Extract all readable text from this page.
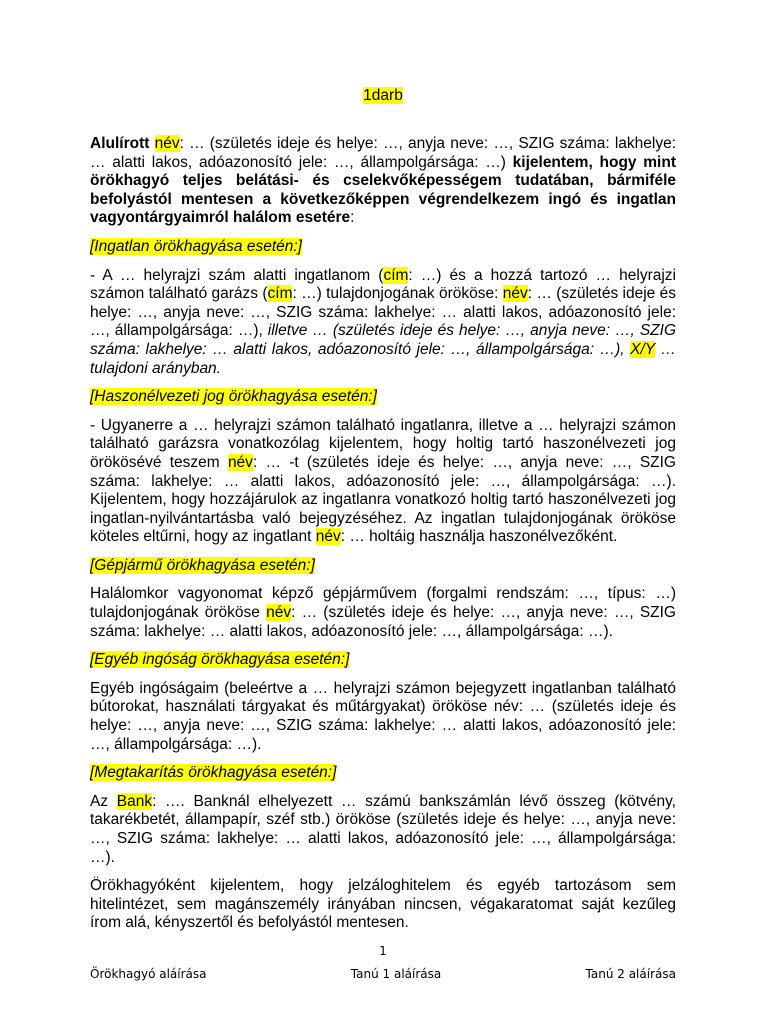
1darb

Alulírott név: … (születés ideje és helye: …, anyja neve: …, SZIG száma: lakhelye: … alatti lakos, adóazonosító jele: …, állampolgársága: …) kijelentem, hogy mint örökhagyó teljes belátási- és cselekvőképességem tudatában, bármiféle befolyástól mentesen a következőképpen végrendelkezem ingó és ingatlan vagyontárgyaimról halálom esetére:

[Ingatlan örökhagyása esetén:]

- A … helyrajzi szám alatti ingatlanom (cím: …) és a hozzá tartozó … helyrajzi számon található garázs (cím: …) tulajdonjogának örököse: név: … (születés ideje és helye: …, anyja neve: …, SZIG száma: lakhelye: … alatti lakos, adóazonosító jele: …, állampolgársága: …), illetve … (születés ideje és helye: …, anyja neve: …, SZIG száma: lakhelye: … alatti lakos, adóazonosító jele: …, állampolgársága: …), X/Y … tulajdoni arányban.

[Haszonélvezeti jog örökhagyása esetén:]

- Ugyanerre a … helyrajzi számon található ingatlanra, illetve a … helyrajzi számon található garázsra vonatkozólag kijelentem, hogy holtig tartó haszonélvezeti jog örökösévé teszem név: … -t (születés ideje és helye: …, anyja neve: …, SZIG száma: lakhelye: … alatti lakos, adóazonosító jele: …, állampolgársága: …). Kijelentem, hogy hozzájárulok az ingatlanra vonatkozó holtig tartó haszonélvezeti jog ingatlan-nyilvántartásba való bejegyzéséhez. Az ingatlan tulajdonjogának örököse köteles eltűrni, hogy az ingatlant név: … holtáig használja haszonélvezőként.

[Gépjármű örökhagyása esetén:]

Halálomkor vagyonomat képző gépjárművem (forgalmi rendszám: …, típus: …) tulajdonjogának örököse név: … (születés ideje és helye: …, anyja neve: …, SZIG száma: lakhelye: … alatti lakos, adóazonosító jele: …, állampolgársága: …).

[Egyéb ingóság örökhagyása esetén:]

Egyéb ingóságaim (beleértve a … helyrajzi számon bejegyzett ingatlanban található bútorokat, használati tárgyakat és műtárgyakat) örököse név: … (születés ideje és helye: …, anyja neve: …, SZIG száma: lakhelye: … alatti lakos, adóazonosító jele: …, állampolgársága: …).

[Megtakarítás örökhagyása esetén:]

Az Bank: …. Banknál elhelyezett … számú bankszámlán lévő összeg (kötvény, takarékbetét, állampapír, széf stb.) örököse (születés ideje és helye: …, anyja neve: …, SZIG száma: lakhelye: … alatti lakos, adóazonosító jele: …, állampolgársága: …).

Örökhagyóként kijelentem, hogy jelzáloghitelem és egyéb tartozásom sem hitelintézet, sem magánszemély irányában nincsen, végakaratomat saját kezűleg írom alá, kényszertől és befolyástól mentesen.

1
Örökhagyó aláírása	Tanú 1 aláírása	Tanú 2 aláírása
